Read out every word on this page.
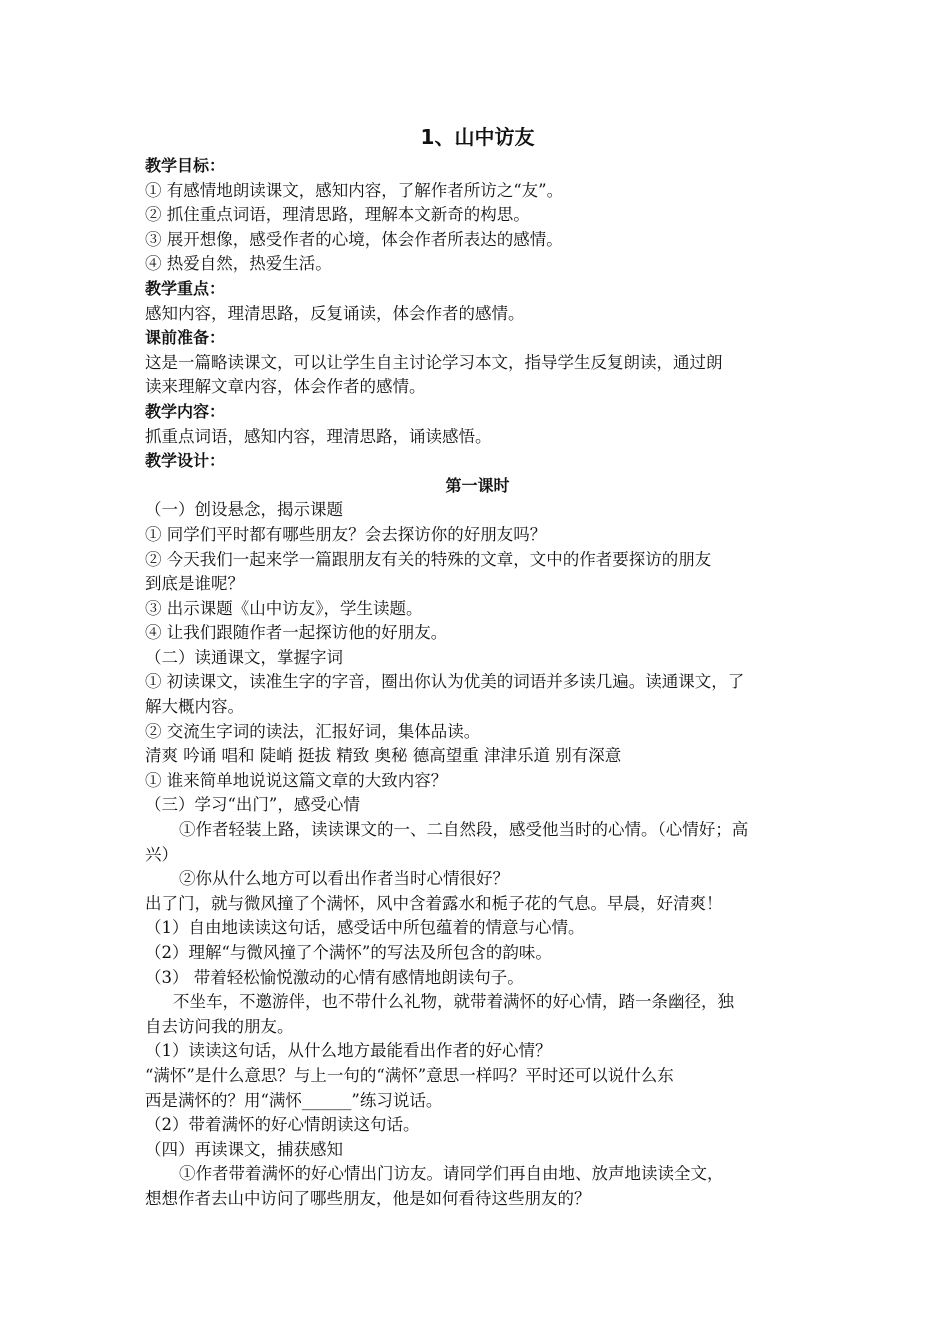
1、山中访友
教学目标：
① 有感情地朗读课文，感知内容，了解作者所访之“友”。
② 抓住重点词语，理清思路，理解本文新奇的构思。
③ 展开想像，感受作者的心境，体会作者所表达的感情。
④ 热爱自然，热爱生活。
教学重点：
感知内容，理清思路，反复诵读，体会作者的感情。
课前准备：
这是一篇略读课文，可以让学生自主讨论学习本文，指导学生反复朗读，通过朗
读来理解文章内容，体会作者的感情。
教学内容：
抓重点词语，感知内容，理清思路，诵读感悟。
教学设计：
第一课时
（一）创设悬念，揭示课题
① 同学们平时都有哪些朋友？会去探访你的好朋友吗？
② 今天我们一起来学一篇跟朋友有关的特殊的文章，文中的作者要探访的朋友
到底是谁呢？
③ 出示课题《山中访友》，学生读题。
④ 让我们跟随作者一起探访他的好朋友。
（二）读通课文，掌握字词
① 初读课文，读准生字的字音，圈出你认为优美的词语并多读几遍。读通课文，了
解大概内容。
② 交流生字词的读法，汇报好词，集体品读。
清爽 吟诵 唱和 陡峭 挺拔 精致 奥秘 德高望重 津津乐道 别有深意
① 谁来简单地说说这篇文章的大致内容？
（三）学习“出门”，感受心情
①作者轻装上路，读读课文的一、二自然段，感受他当时的心情。（心情好；高
兴）
②你从什么地方可以看出作者当时心情很好？
出了门，就与微风撞了个满怀，风中含着露水和栀子花的气息。早晨，好清爽！
（1）自由地读读这句话，感受话中所包蕴着的情意与心情。
（2）理解“与微风撞了个满怀”的写法及所包含的韵味。
（3） 带着轻松愉悦激动的心情有感情地朗读句子。
不坐车，不邀游伴，也不带什么礼物，就带着满怀的好心情，踏一条幽径，独
自去访问我的朋友。
（1）读读这句话，从什么地方最能看出作者的好心情？
“满怀”是什么意思？与上一句的“满怀”意思一样吗？平时还可以说什么东
西是满怀的？用“满怀______”练习说话。
（2）带着满怀的好心情朗读这句话。
（四）再读课文，捕获感知
①作者带着满怀的好心情出门访友。请同学们再自由地、放声地读读全文，
想想作者去山中访问了哪些朋友，他是如何看待这些朋友的？
